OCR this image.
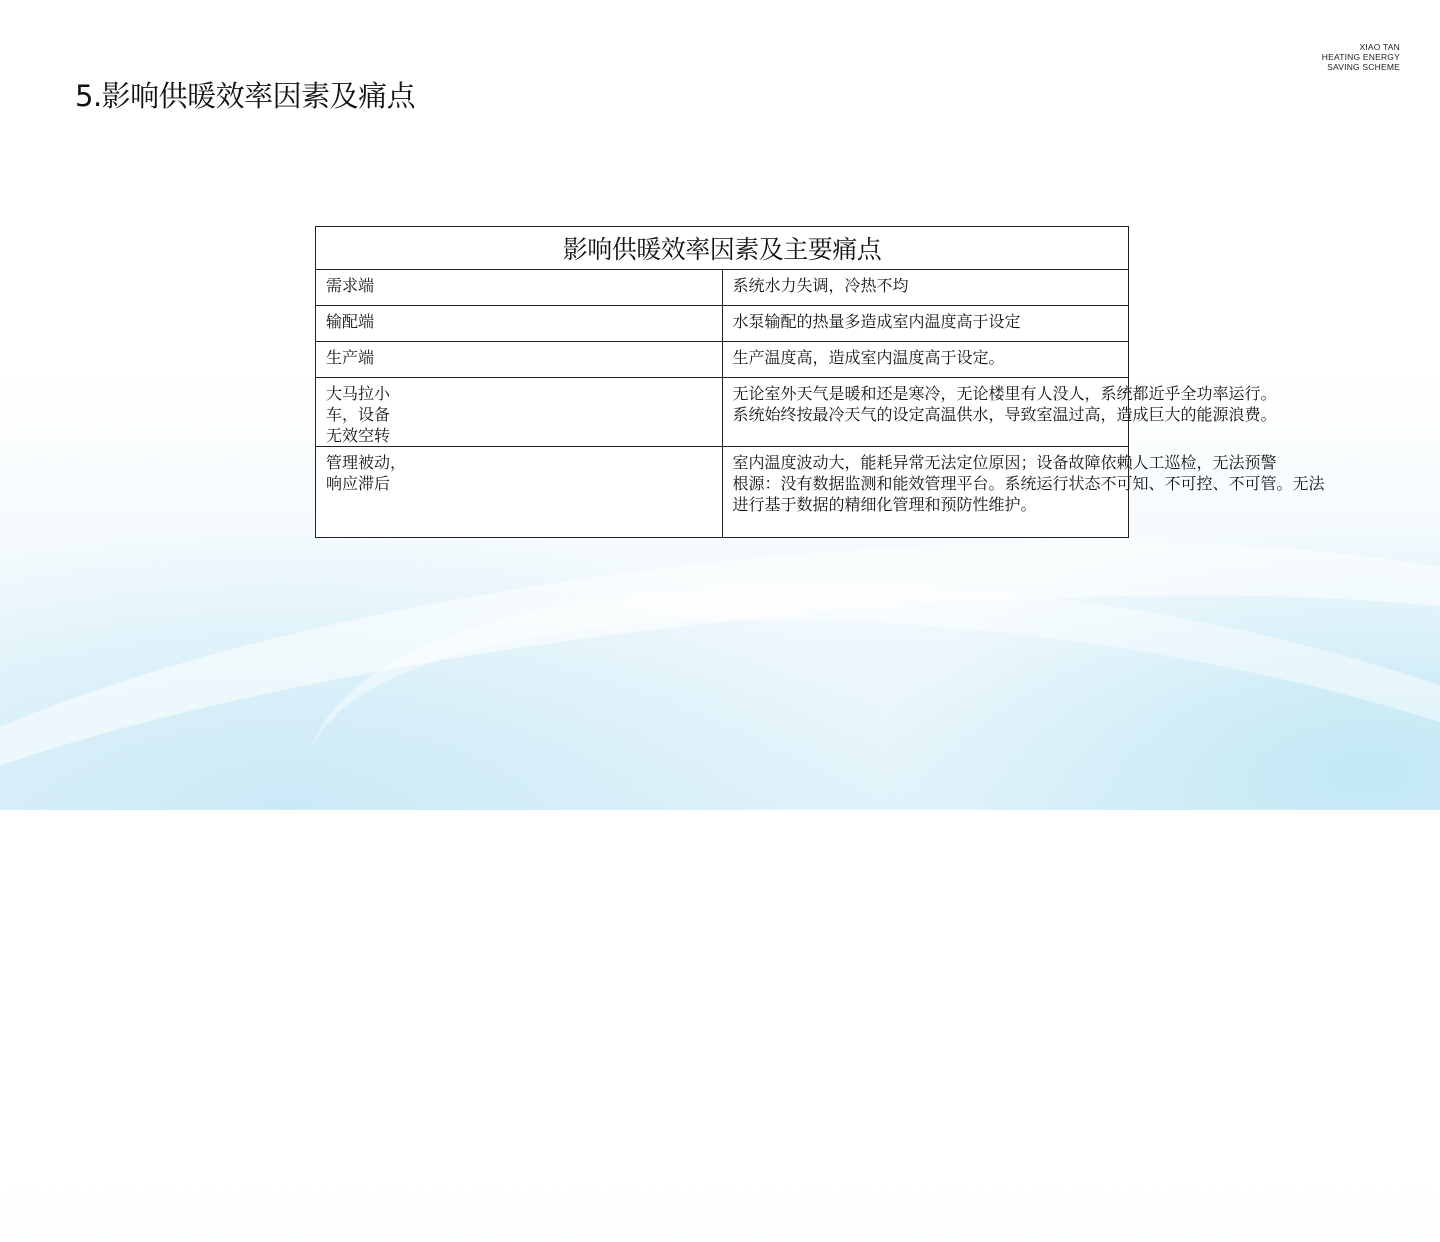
XIAO TAN
HEATING ENERGY
SAVING SCHEME
5.影响供暖效率因素及痛点
影响供暖效率因素及主要痛点	

需求端	系统水力失调，冷热不均

输配端	水泵输配的热量多造成室内温度高于设定

生产端	生产温度高，造成室内温度高于设定。

大马拉小
车，设备
无效空转	无论室外天气是暖和还是寒冷，无论楼里有人没人，系统都近乎全功率运行。
系统始终按最冷天气的设定高温供水，导致室温过高，造成巨大的能源浪费。

管理被动，
响应滞后	室内温度波动大，能耗异常无法定位原因；设备故障依赖人工巡检，无法预警
根源：没有数据监测和能效管理平台。系统运行状态不可知、不可控、不可管。无法
进行基于数据的精细化管理和预防性维护。
